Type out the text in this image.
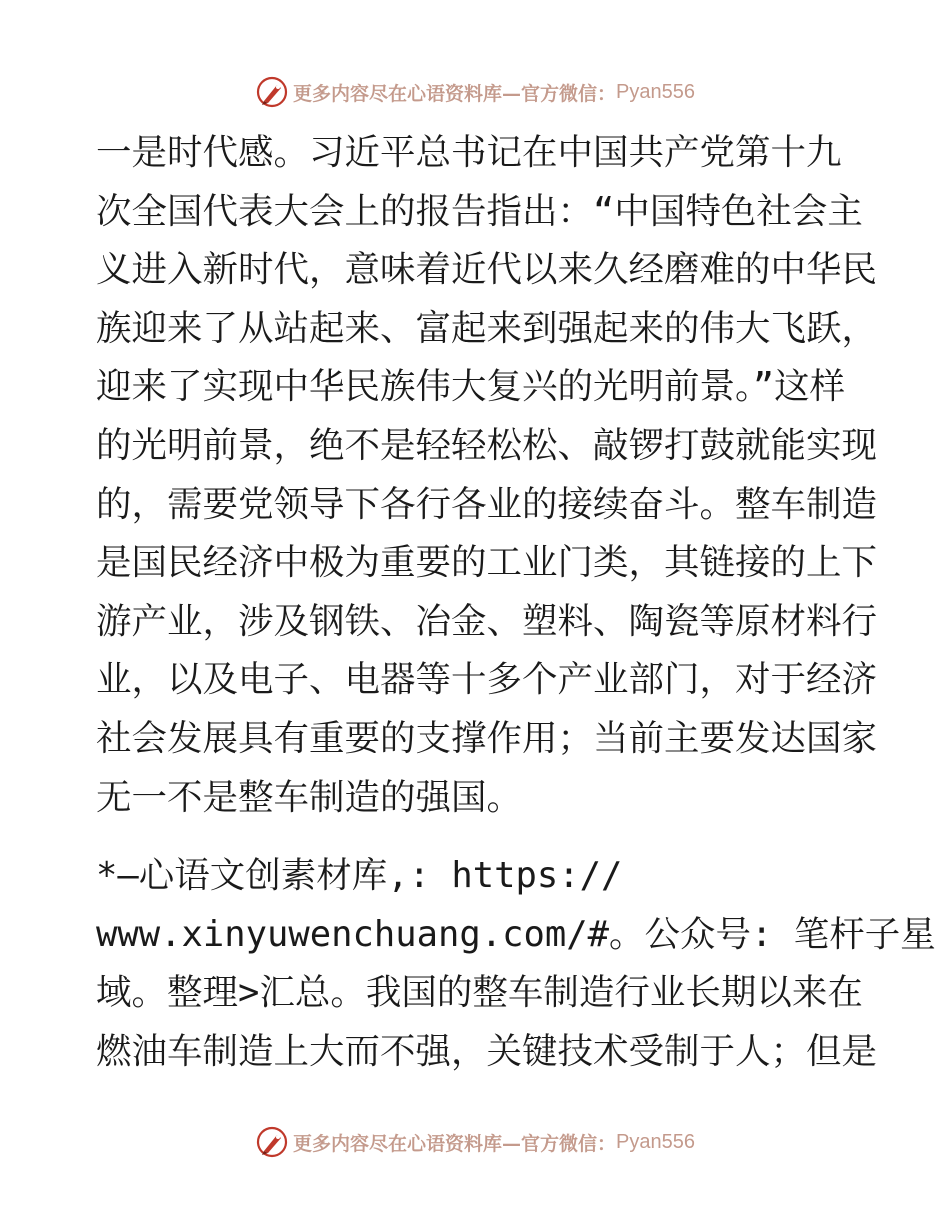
更多内容尽在心语资料库—官方微信： Pyan556
一是时代感。习近平总书记在中国共产党第十九
次全国代表大会上的报告指出：“中国特色社会主
义进入新时代，意味着近代以来久经磨难的中华民
族迎来了从站起来、富起来到强起来的伟大飞跃，
迎来了实现中华民族伟大复兴的光明前景。”这样
的光明前景，绝不是轻轻松松、敲锣打鼓就能实现
的，需要党领导下各行各业的接续奋斗。整车制造
是国民经济中极为重要的工业门类，其链接的上下
游产业，涉及钢铁、冶金、塑料、陶瓷等原材料行
业，以及电子、电器等十多个产业部门，对于经济
社会发展具有重要的支撑作用；当前主要发达国家
无一不是整车制造的强国。
*—心语文创素材库,: https://
www.xinyuwenchuang.com/#。公众号: 笔杆子星
域。整理>汇总。我国的整车制造行业长期以来在
燃油车制造上大而不强，关键技术受制于人；但是
更多内容尽在心语资料库—官方微信： Pyan556
